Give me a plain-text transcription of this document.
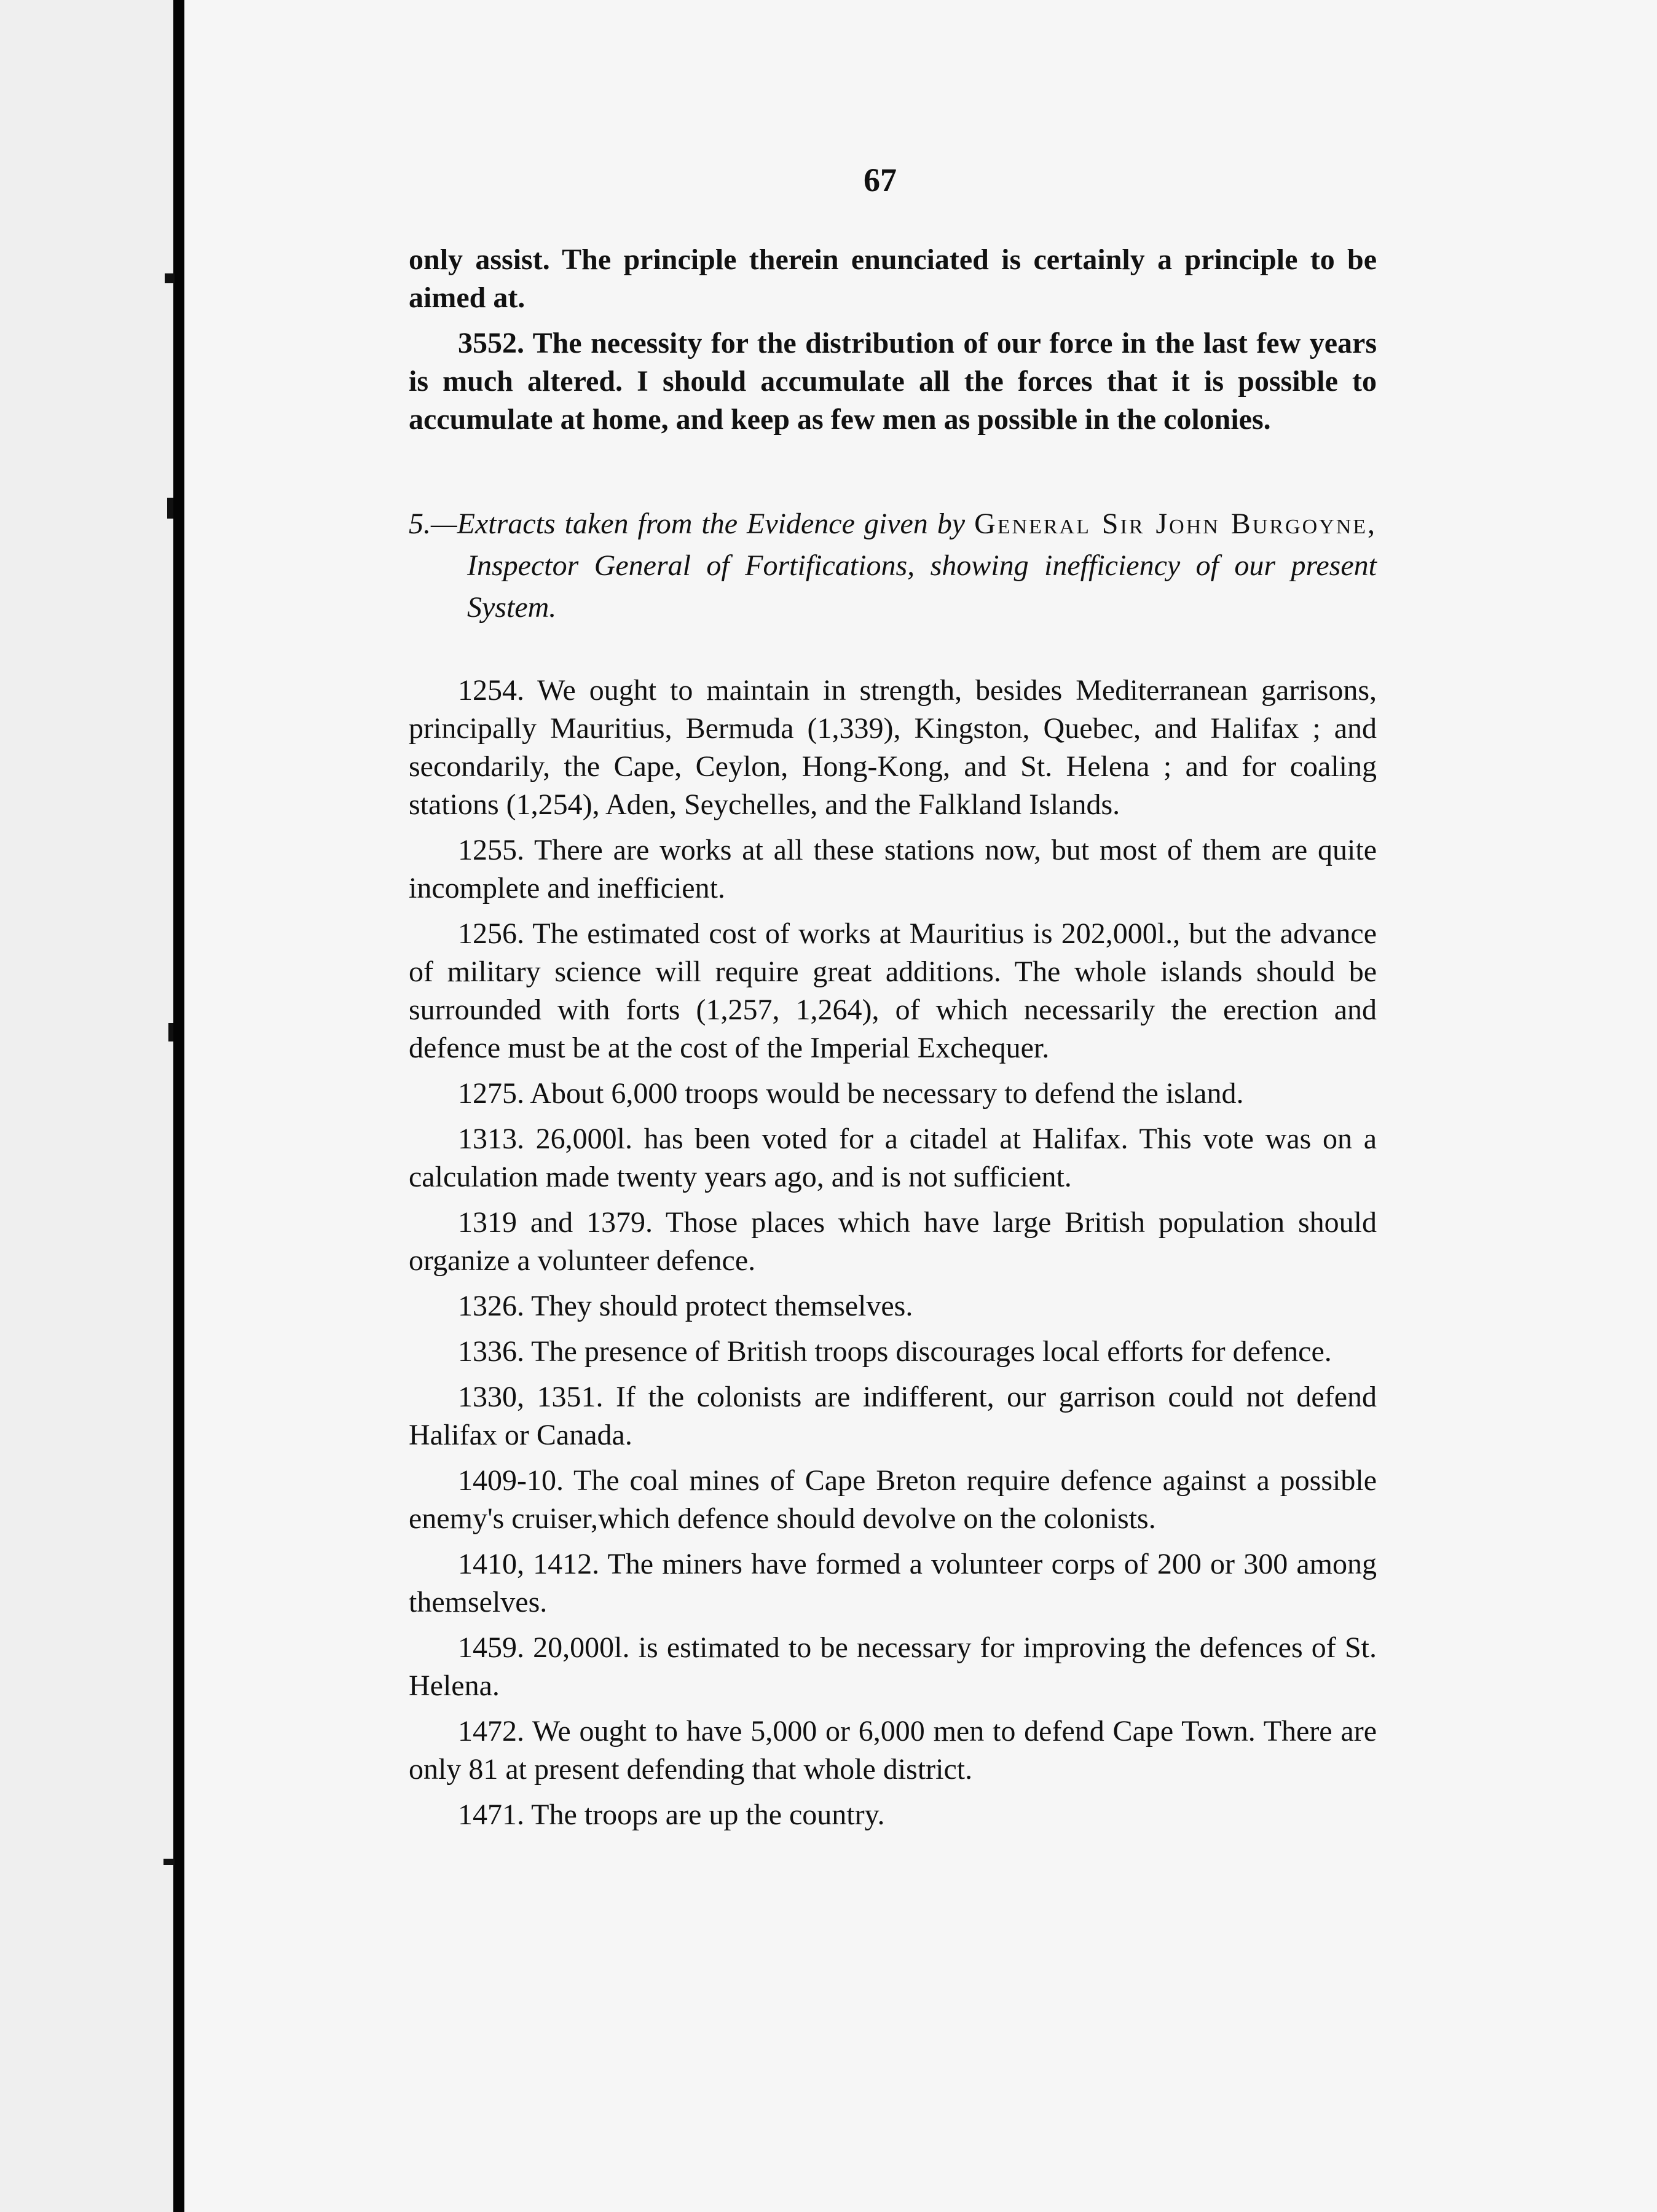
67

only assist. The principle therein enunciated is certainly a principle to be aimed at.

3552. The necessity for the distribution of our force in the last few years is much altered. I should accumulate all the forces that it is possible to accumulate at home, and keep as few men as possible in the colonies.

5.—Extracts taken from the Evidence given by General Sir John Burgoyne, Inspector General of Fortifications, showing inefficiency of our present System.

1254. We ought to maintain in strength, besides Mediterranean garrisons, principally Mauritius, Bermuda (1,339), Kingston, Quebec, and Halifax ; and secondarily, the Cape, Ceylon, Hong-Kong, and St. Helena ; and for coaling stations (1,254), Aden, Seychelles, and the Falkland Islands.

1255. There are works at all these stations now, but most of them are quite incomplete and inefficient.

1256. The estimated cost of works at Mauritius is 202,000l., but the advance of military science will require great additions. The whole islands should be surrounded with forts (1,257, 1,264), of which necessarily the erection and defence must be at the cost of the Imperial Exchequer.

1275. About 6,000 troops would be necessary to defend the island.

1313. 26,000l. has been voted for a citadel at Halifax. This vote was on a calculation made twenty years ago, and is not sufficient.

1319 and 1379. Those places which have large British population should organize a volunteer defence.

1326. They should protect themselves.

1336. The presence of British troops discourages local efforts for defence.

1330, 1351. If the colonists are indifferent, our garrison could not defend Halifax or Canada.

1409-10. The coal mines of Cape Breton require defence against a possible enemy's cruiser,which defence should devolve on the colonists.

1410, 1412. The miners have formed a volunteer corps of 200 or 300 among themselves.

1459. 20,000l. is estimated to be necessary for improving the defences of St. Helena.

1472. We ought to have 5,000 or 6,000 men to defend Cape Town. There are only 81 at present defending that whole district.

1471. The troops are up the country.
